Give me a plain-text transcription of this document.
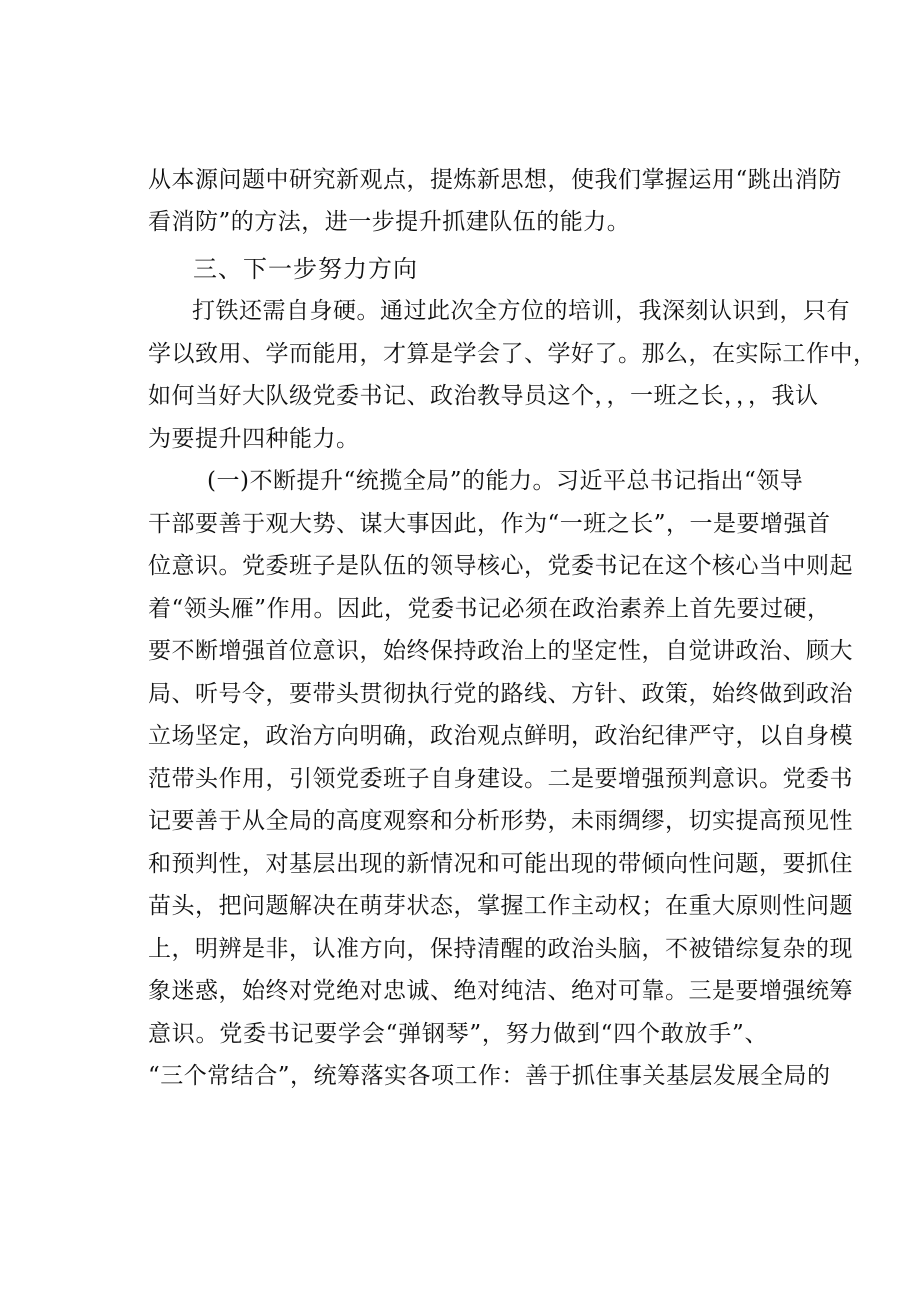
从本源问题中研究新观点，提炼新思想，使我们掌握运用“跳出消防
看消防”的方法，进一步提升抓建队伍的能力。
三、下一步努力方向
打铁还需自身硬。通过此次全方位的培训，我深刻认识到，只有
学以致用、学而能用，才算是学会了、学好了。那么，在实际工作中，
如何当好大队级党委书记、政治教导员这个，，一班之长，，，我认
为要提升四种能力。
(一)不断提升“统揽全局”的能力。习近平总书记指出“领导
干部要善于观大势、谋大事因此，作为“一班之长”，一是要增强首
位意识。党委班子是队伍的领导核心，党委书记在这个核心当中则起
着“领头雁”作用。因此，党委书记必须在政治素养上首先要过硬，
要不断增强首位意识，始终保持政治上的坚定性，自觉讲政治、顾大
局、听号令，要带头贯彻执行党的路线、方针、政策，始终做到政治
立场坚定，政治方向明确，政治观点鲜明，政治纪律严守，以自身模
范带头作用，引领党委班子自身建设。二是要增强预判意识。党委书
记要善于从全局的高度观察和分析形势，未雨绸缪，切实提高预见性
和预判性，对基层出现的新情况和可能出现的带倾向性问题，要抓住
苗头，把问题解决在萌芽状态，掌握工作主动权；在重大原则性问题
上，明辨是非，认准方向，保持清醒的政治头脑，不被错综复杂的现
象迷惑，始终对党绝对忠诚、绝对纯洁、绝对可靠。三是要增强统筹
意识。党委书记要学会“弹钢琴”，努力做到“四个敢放手”、
“三个常结合”，统筹落实各项工作：善于抓住事关基层发展全局的
